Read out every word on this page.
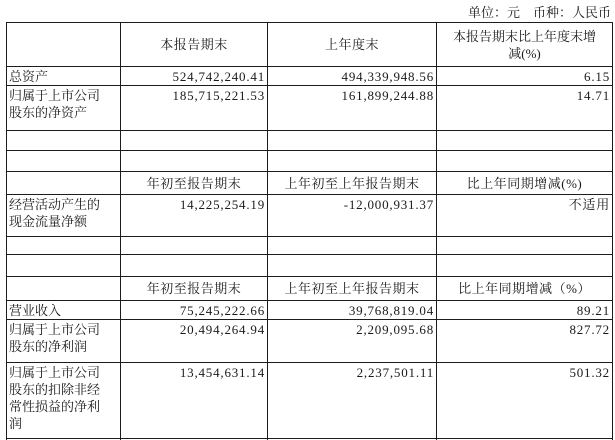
单位：元　币种：人民币
	本报告期末	上年度末	本报告期末比上年度末增减(%)
总资产	524,742,240.41	494,339,948.56	6.15
归属于上市公司股东的净资产	185,715,221.53	161,899,244.88	14.71

	年初至报告期末	上年初至上年报告期末	比上年同期增减(%)
经营活动产生的现金流量净额	14,225,254.19	-12,000,931.37	不适用

	年初至报告期末	上年初至上年报告期末	比上年同期增减（%）
营业收入	75,245,222.66	39,768,819.04	89.21
归属于上市公司股东的净利润	20,494,264.94	2,209,095.68	827.72
归属于上市公司股东的扣除非经常性损益的净利润	13,454,631.14	2,237,501.11	501.32
